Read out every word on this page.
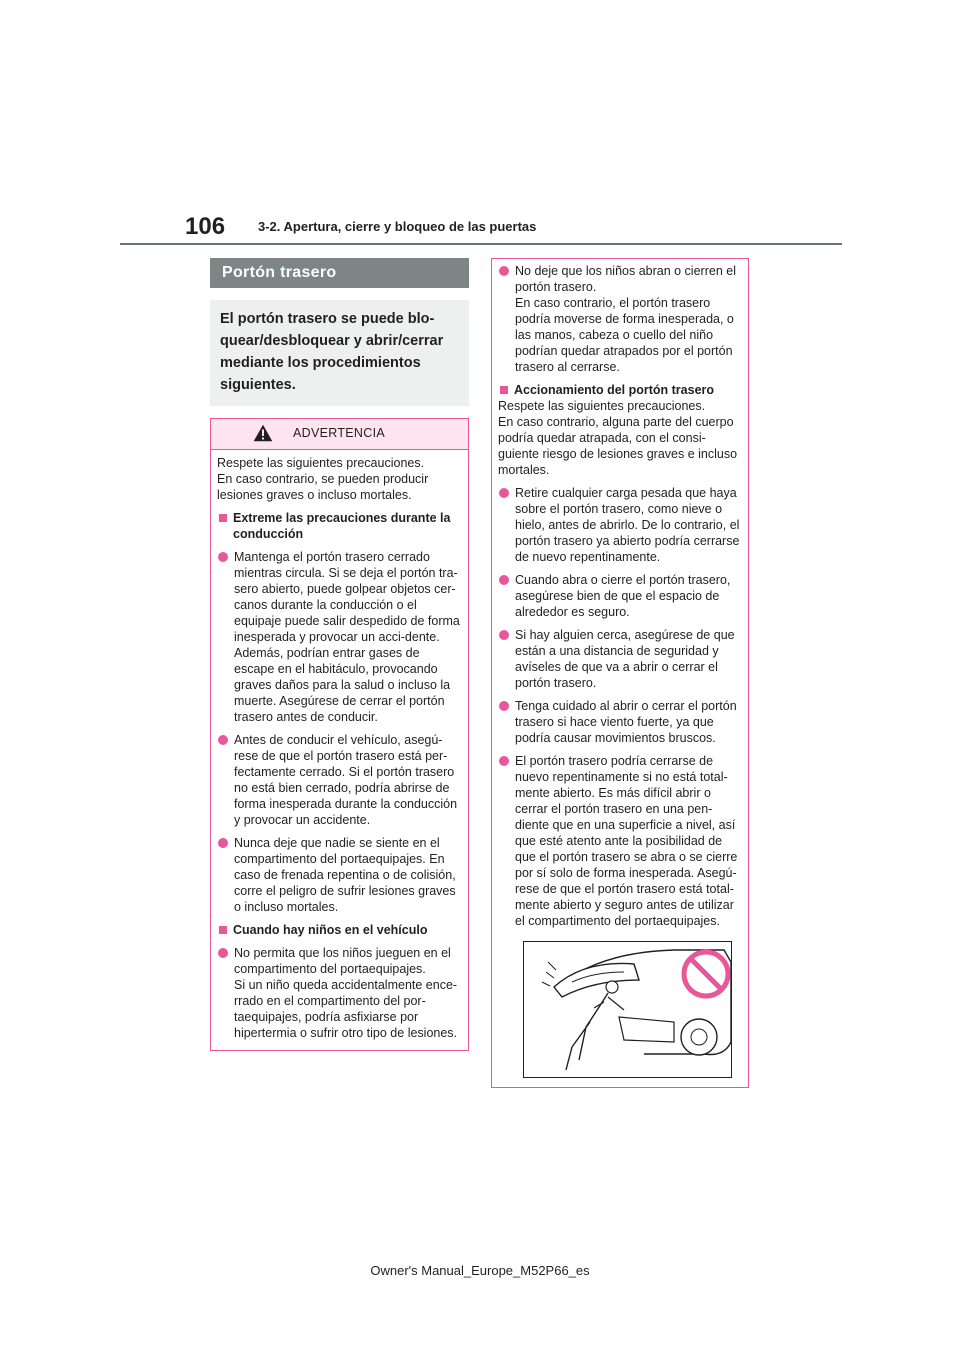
106	3-2. Apertura, cierre y bloqueo de las puertas
Portón trasero
El portón trasero se puede blo-quear/desbloquear y abrir/cerrar mediante los procedimientos siguientes.
ADVERTENCIA

Respete las siguientes precauciones.
En caso contrario, se pueden producir lesiones graves o incluso mortales.

Extreme las precauciones durante la conducción
Mantenga el portón trasero cerrado mientras circula. Si se deja el portón tra-sero abierto, puede golpear objetos cer-canos durante la conducción o el equipaje puede salir despedido de forma inesperada y provocar un acci-dente.
Además, podrían entrar gases de escape en el habitáculo, provocando graves daños para la salud o incluso la muerte. Asegúrese de cerrar el portón trasero antes de conducir.
Antes de conducir el vehículo, asegú-rese de que el portón trasero está per-fectamente cerrado. Si el portón trasero no está bien cerrado, podría abrirse de forma inesperada durante la conducción y provocar un accidente.
Nunca deje que nadie se siente en el compartimento del portaequipajes. En caso de frenada repentina o de colisión, corre el peligro de sufrir lesiones graves o incluso mortales.
Cuando hay niños en el vehículo
No permita que los niños jueguen en el compartimento del portaequipajes.
Si un niño queda accidentalmente ence-rrado en el compartimento del por-taequipajes, podría asfixiarse por hipertermia o sufrir otro tipo de lesiones.
No deje que los niños abran o cierren el portón trasero.
En caso contrario, el portón trasero podría moverse de forma inesperada, o las manos, cabeza o cuello del niño podrían quedar atrapados por el portón trasero al cerrarse.
Accionamiento del portón trasero

Respete las siguientes precauciones.
En caso contrario, alguna parte del cuerpo podría quedar atrapada, con el consi-guiente riesgo de lesiones graves e incluso mortales.

Retire cualquier carga pesada que haya sobre el portón trasero, como nieve o hielo, antes de abrirlo. De lo contrario, el portón trasero ya abierto podría cerrarse de nuevo repentinamente.
Cuando abra o cierre el portón trasero, asegúrese bien de que el espacio de alrededor es seguro.
Si hay alguien cerca, asegúrese de que están a una distancia de seguridad y avíseles de que va a abrir o cerrar el portón trasero.
Tenga cuidado al abrir o cerrar el portón trasero si hace viento fuerte, ya que podría causar movimientos bruscos.
El portón trasero podría cerrarse de nuevo repentinamente si no está total-mente abierto. Es más difícil abrir o cerrar el portón trasero en una pen-diente que en una superficie a nivel, así que esté atento ante la posibilidad de que el portón trasero se abra o se cierre por sí solo de forma inesperada. Asegú-rese de que el portón trasero está total-mente abierto y seguro antes de utilizar el compartimento del portaequipajes.
Owner's Manual_Europe_M52P66_es
